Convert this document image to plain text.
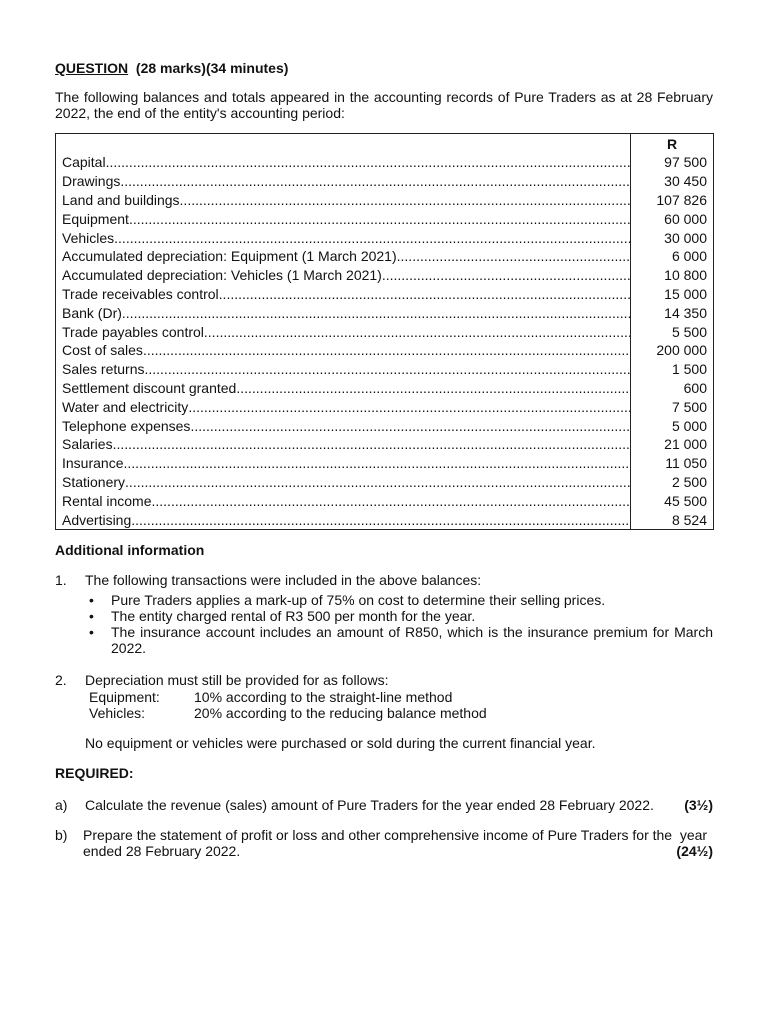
QUESTION (28 marks)(34 minutes)
The following balances and totals appeared in the accounting records of Pure Traders as at 28 February 2022, the end of the entity's accounting period:
R
Capital .....	97 500
Drawings .....	30 450
Land and buildings .....	107 826
Equipment .....	60 000
Vehicles .....	30 000
Accumulated depreciation: Equipment (1 March 2021) .....	6 000
Accumulated depreciation: Vehicles (1 March 2021) .....	10 800
Trade receivables control .....	15 000
Bank (Dr) .....	14 350
Trade payables control .....	5 500
Cost of sales .....	200 000
Sales returns .....	1 500
Settlement discount granted .....	600
Water and electricity .....	7 500
Telephone expenses .....	5 000
Salaries .....	21 000
Insurance .....	11 050
Stationery .....	2 500
Rental income .....	45 500
Advertising .....	8 524
Additional information
1. The following transactions were included in the above balances:
• Pure Traders applies a mark-up of 75% on cost to determine their selling prices.
• The entity charged rental of R3 500 per month for the year.
• The insurance account includes an amount of R850, which is the insurance premium for March 2022.
2. Depreciation must still be provided for as follows:
Equipment: 10% according to the straight-line method
Vehicles:	20% according to the reducing balance method
No equipment or vehicles were purchased or sold during the current financial year.
REQUIRED:
a) Calculate the revenue (sales) amount of Pure Traders for the year ended 28 February 2022. (3½)
b) Prepare the statement of profit or loss and other comprehensive income of Pure Traders for the  year
ended 28 February 2022.	(24½)
